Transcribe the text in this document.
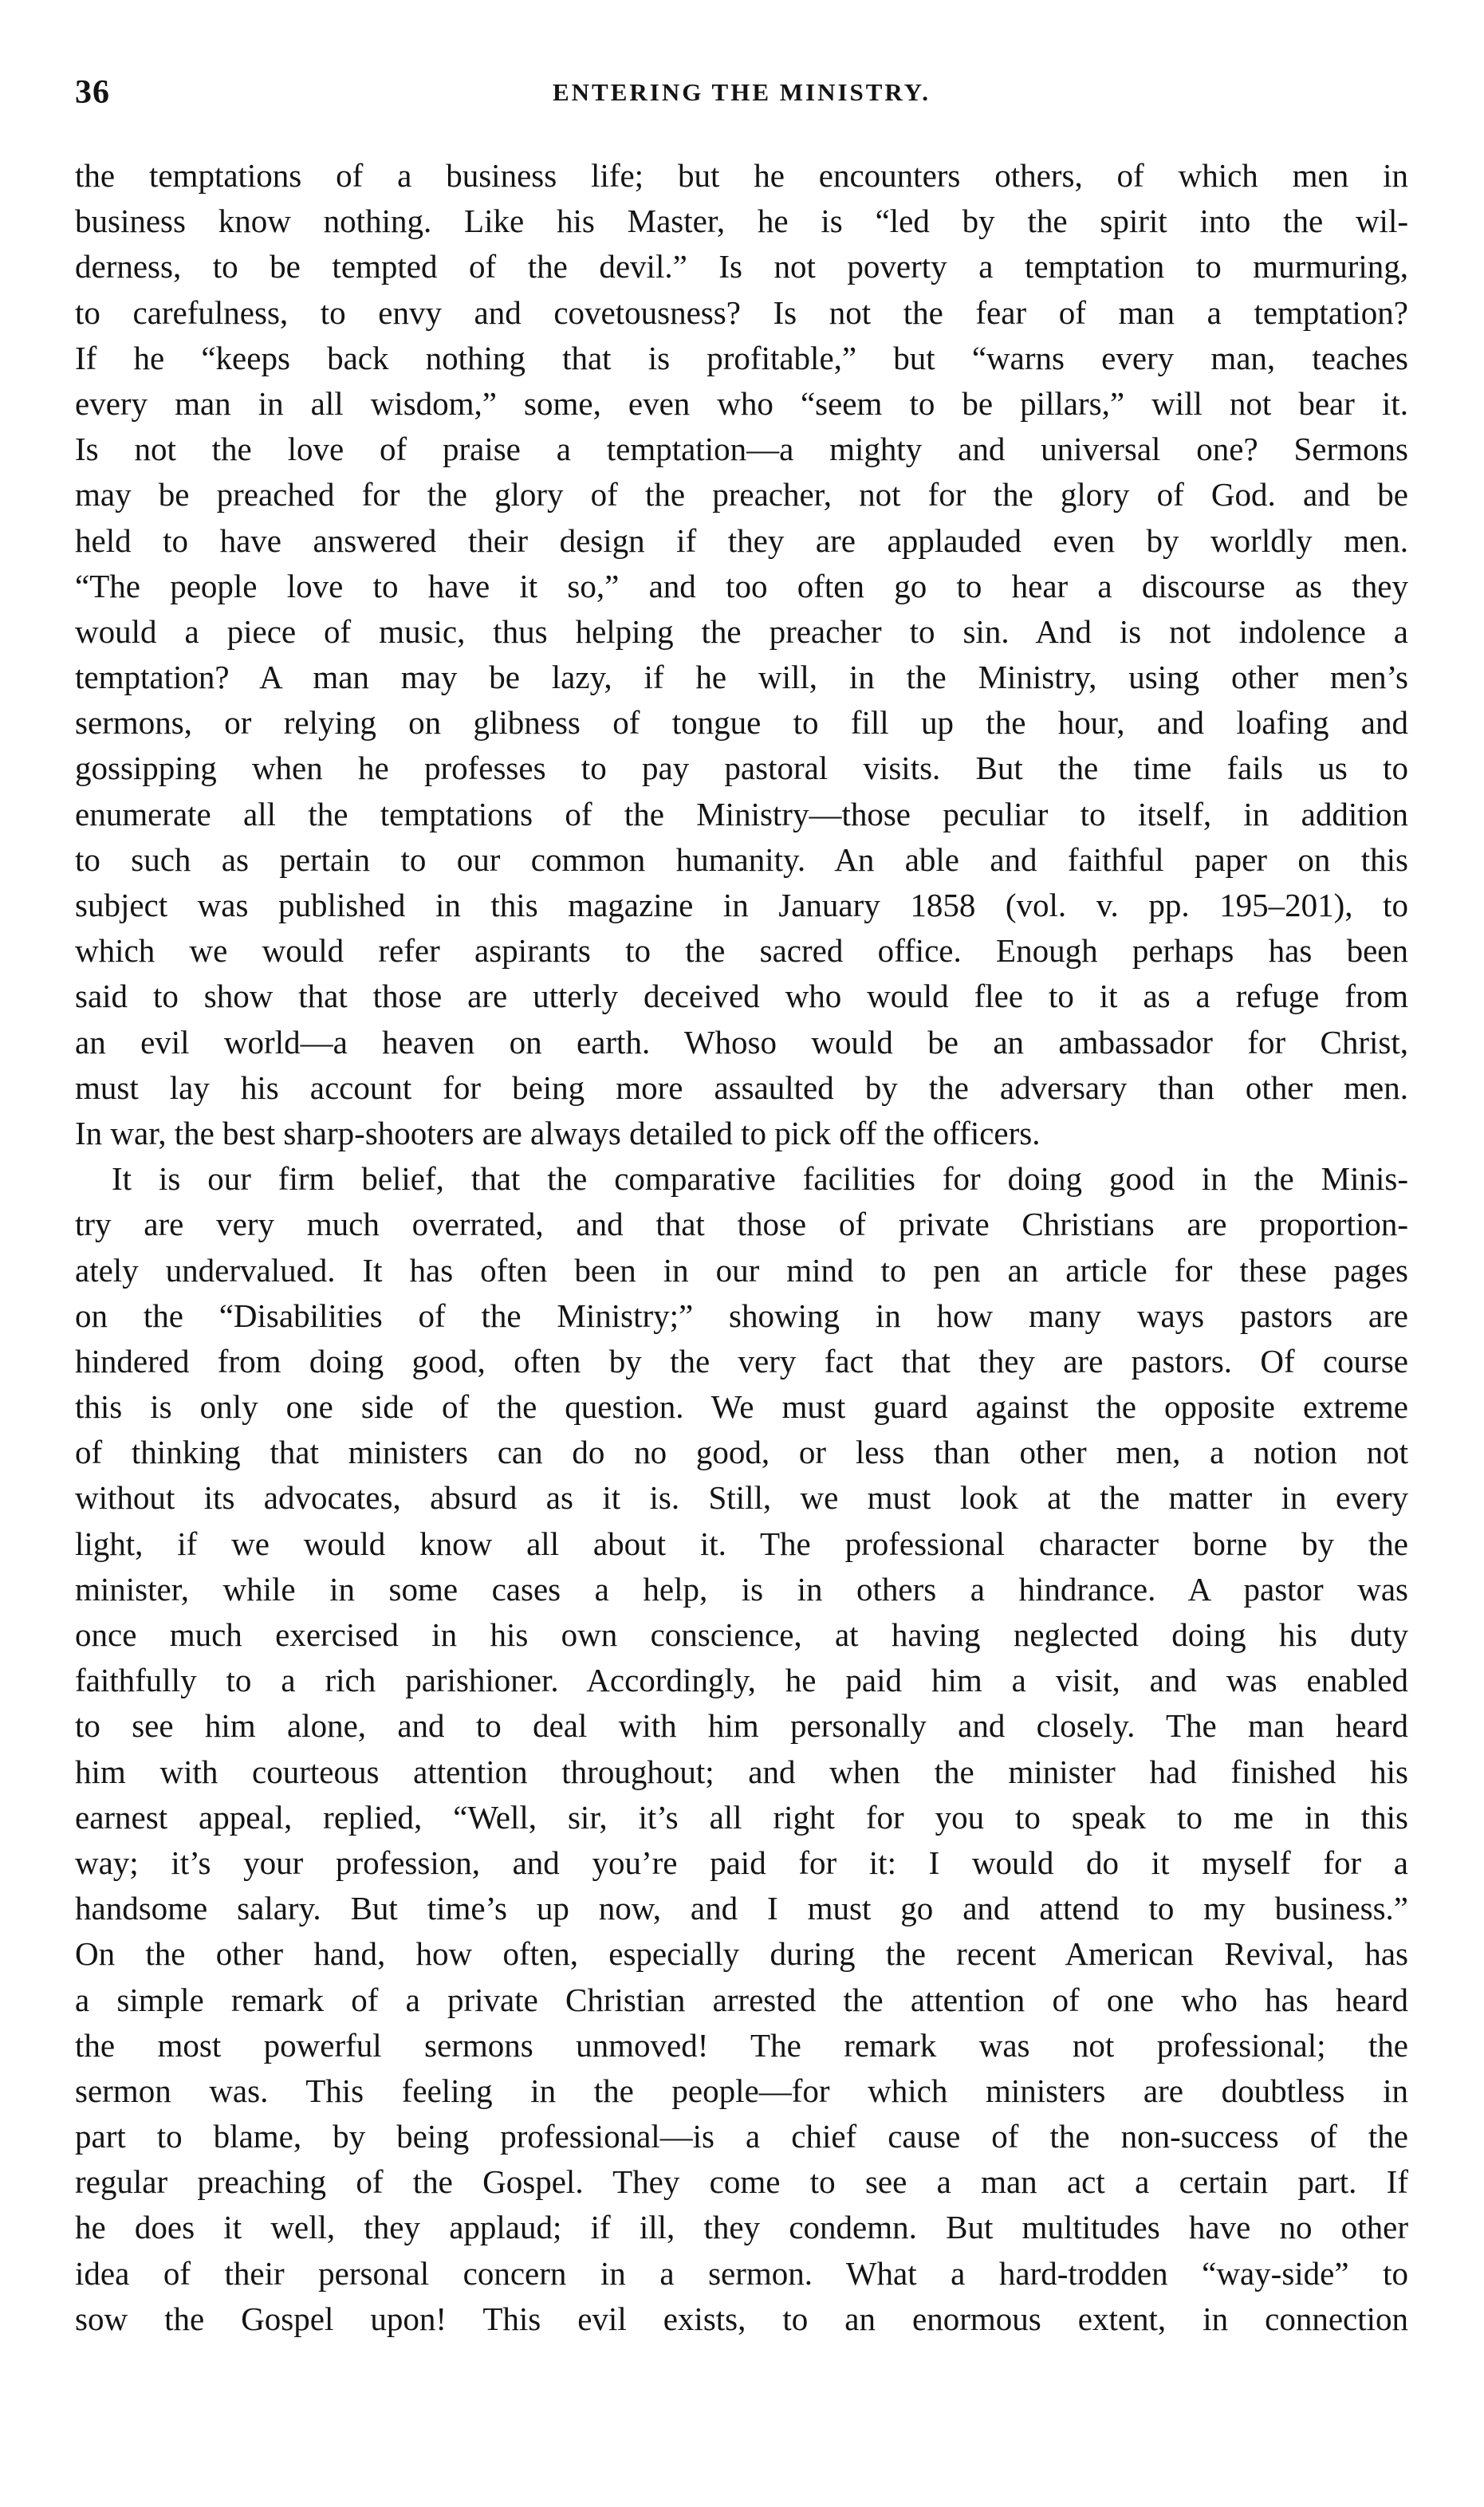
36	ENTERING THE MINISTRY.
the temptations of a business life; but he encounters others, of which men in
business know nothing. Like his Master, he is “led by the spirit into the wil-
derness, to be tempted of the devil.” Is not poverty a temptation to murmuring,
to carefulness, to envy and covetousness? Is not the fear of man a temptation?
If he “keeps back nothing that is profitable,” but “warns every man, teaches
every man in all wisdom,” some, even who “seem to be pillars,” will not bear it.
Is not the love of praise a temptation—a mighty and universal one? Sermons
may be preached for the glory of the preacher, not for the glory of God. and be
held to have answered their design if they are applauded even by worldly men.
“The people love to have it so,” and too often go to hear a discourse as they
would a piece of music, thus helping the preacher to sin. And is not indolence a
temptation? A man may be lazy, if he will, in the Ministry, using other men’s
sermons, or relying on glibness of tongue to fill up the hour, and loafing and
gossipping when he professes to pay pastoral visits. But the time fails us to
enumerate all the temptations of the Ministry—those peculiar to itself, in addition
to such as pertain to our common humanity. An able and faithful paper on this
subject was published in this magazine in January 1858 (vol. v. pp. 195–201), to
which we would refer aspirants to the sacred office. Enough perhaps has been
said to show that those are utterly deceived who would flee to it as a refuge from
an evil world—a heaven on earth. Whoso would be an ambassador for Christ,
must lay his account for being more assaulted by the adversary than other men.
In war, the best sharp-shooters are always detailed to pick off the officers.
It is our firm belief, that the comparative facilities for doing good in the Minis-
try are very much overrated, and that those of private Christians are proportion-
ately undervalued. It has often been in our mind to pen an article for these pages
on the “Disabilities of the Ministry;” showing in how many ways pastors are
hindered from doing good, often by the very fact that they are pastors. Of course
this is only one side of the question. We must guard against the opposite extreme
of thinking that ministers can do no good, or less than other men, a notion not
without its advocates, absurd as it is. Still, we must look at the matter in every
light, if we would know all about it. The professional character borne by the
minister, while in some cases a help, is in others a hindrance. A pastor was
once much exercised in his own conscience, at having neglected doing his duty
faithfully to a rich parishioner. Accordingly, he paid him a visit, and was enabled
to see him alone, and to deal with him personally and closely. The man heard
him with courteous attention throughout; and when the minister had finished his
earnest appeal, replied, “Well, sir, it’s all right for you to speak to me in this
way; it’s your profession, and you’re paid for it: I would do it myself for a
handsome salary. But time’s up now, and I must go and attend to my business.”
On the other hand, how often, especially during the recent American Revival, has
a simple remark of a private Christian arrested the attention of one who has heard
the most powerful sermons unmoved! The remark was not professional; the
sermon was. This feeling in the people—for which ministers are doubtless in
part to blame, by being professional—is a chief cause of the non-success of the
regular preaching of the Gospel. They come to see a man act a certain part. If
he does it well, they applaud; if ill, they condemn. But multitudes have no other
idea of their personal concern in a sermon. What a hard-trodden “way-side” to
sow the Gospel upon! This evil exists, to an enormous extent, in connection
